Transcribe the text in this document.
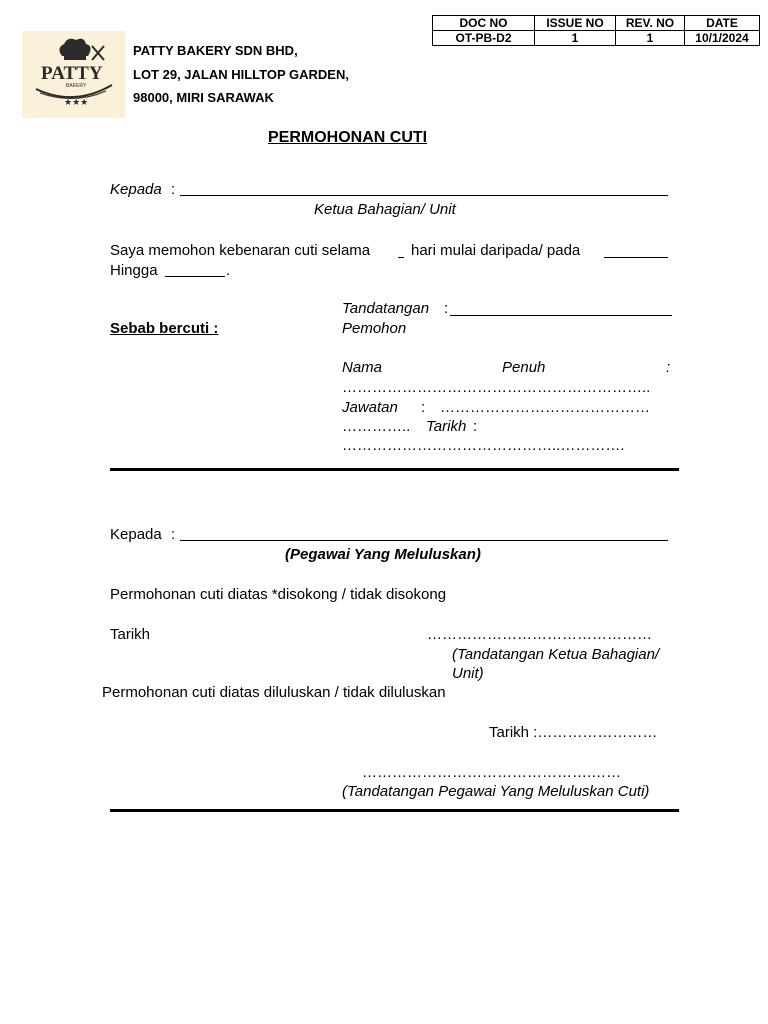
DOC NO	ISSUE NO	REV. NO	DATE
OT-PB-D2	1	1	10/1/2024
★★★
PATTY
BAKERY
PATTY BAKERY SDN BHD,
LOT 29, JALAN HILLTOP GARDEN,
98000, MIRI SARAWAK
PERMOHONAN CUTI
Kepada :
Ketua Bahagian/ Unit
Saya memohon kebenaran cuti selama	hari mulai daripada/ pada
Hingga	.
Tandatangan :
Sebab bercuti :	Pemohon
Nama	Penuh	:
……………………………………………………..
Jawatan : ……………………………………
………….. Tarikh :
……………………………………..………….
Kepada :
(Pegawai Yang Meluluskan)
Permohonan cuti diatas *disokong / tidak disokong
Tarikh	………………………………………
(Tandatangan Ketua Bahagian/
Unit)
Permohonan cuti diatas diluluskan / tidak diluluskan
Tarikh :……………………
……………………………………….……
(Tandatangan Pegawai Yang Meluluskan Cuti)
